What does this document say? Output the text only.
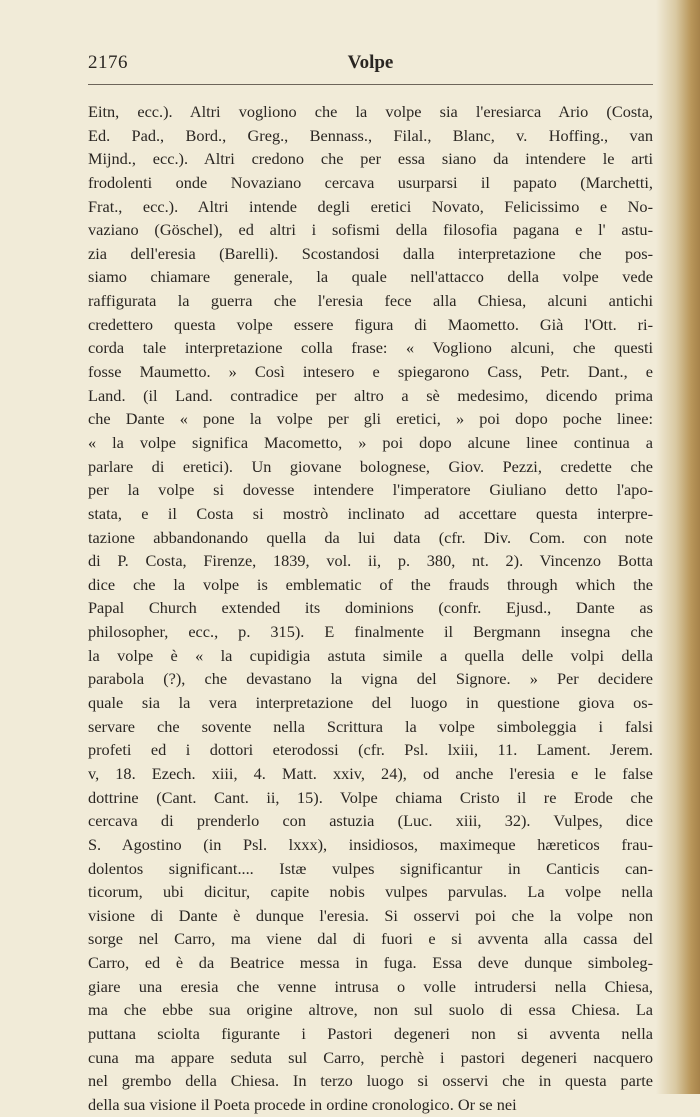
2176	Volpe
Eitn, ecc.). Altri vogliono che la volpe sia l'eresiarca Ario (Costa,
Ed. Pad., Bord., Greg., Bennass., Filal., Blanc, v. Hoffing., van
Mijnd., ecc.). Altri credono che per essa siano da intendere le arti
frodolenti onde Novaziano cercava usurparsi il papato (Marchetti,
Frat., ecc.). Altri intende degli eretici Novato, Felicissimo e No-
vaziano (Göschel), ed altri i sofismi della filosofia pagana e l' astu-
zia dell'eresia (Barelli). Scostandosi dalla interpretazione che pos-
siamo chiamare generale, la quale nell'attacco della volpe vede
raffigurata la guerra che l'eresia fece alla Chiesa, alcuni antichi
credettero questa volpe essere figura di Maometto. Già l'Ott. ri-
corda tale interpretazione colla frase: « Vogliono alcuni, che questi
fosse Maumetto. » Così intesero e spiegarono Cass, Petr. Dant., e
Land. (il Land. contradice per altro a sè medesimo, dicendo prima
che Dante « pone la volpe per gli eretici, » poi dopo poche linee:
« la volpe significa Macometto, » poi dopo alcune linee continua a
parlare di eretici). Un giovane bolognese, Giov. Pezzi, credette che
per la volpe si dovesse intendere l'imperatore Giuliano detto l'apo-
stata, e il Costa si mostrò inclinato ad accettare questa interpre-
tazione abbandonando quella da lui data (cfr. Div. Com. con note
di P. Costa, Firenze, 1839, vol. ii, p. 380, nt. 2). Vincenzo Botta
dice che la volpe is emblematic of the frauds through which the
Papal Church extended its dominions (confr. Ejusd., Dante as
philosopher, ecc., p. 315). E finalmente il Bergmann insegna che
la volpe è « la cupidigia astuta simile a quella delle volpi della
parabola (?), che devastano la vigna del Signore. » Per decidere
quale sia la vera interpretazione del luogo in questione giova os-
servare che sovente nella Scrittura la volpe simboleggia i falsi
profeti ed i dottori eterodossi (cfr. Psl. lxiii, 11. Lament. Jerem.
v, 18. Ezech. xiii, 4. Matt. xxiv, 24), od anche l'eresia e le false
dottrine (Cant. Cant. ii, 15). Volpe chiama Cristo il re Erode che
cercava di prenderlo con astuzia (Luc. xiii, 32). Vulpes, dice
S. Agostino (in Psl. lxxx), insidiosos, maximeque hæreticos frau-
dolentos significant.... Istæ vulpes significantur in Canticis can-
ticorum, ubi dicitur, capite nobis vulpes parvulas. La volpe nella
visione di Dante è dunque l'eresia. Si osservi poi che la volpe non
sorge nel Carro, ma viene dal di fuori e si avventa alla cassa del
Carro, ed è da Beatrice messa in fuga. Essa deve dunque simboleg-
giare una eresia che venne intrusa o volle intrudersi nella Chiesa,
ma che ebbe sua origine altrove, non sul suolo di essa Chiesa. La
puttana sciolta figurante i Pastori degeneri non si avventa nella
cuna ma appare seduta sul Carro, perchè i pastori degeneri nacquero
nel grembo della Chiesa. In terzo luogo si osservi che in questa parte
della sua visione il Poeta procede in ordine cronologico. Or se nei
